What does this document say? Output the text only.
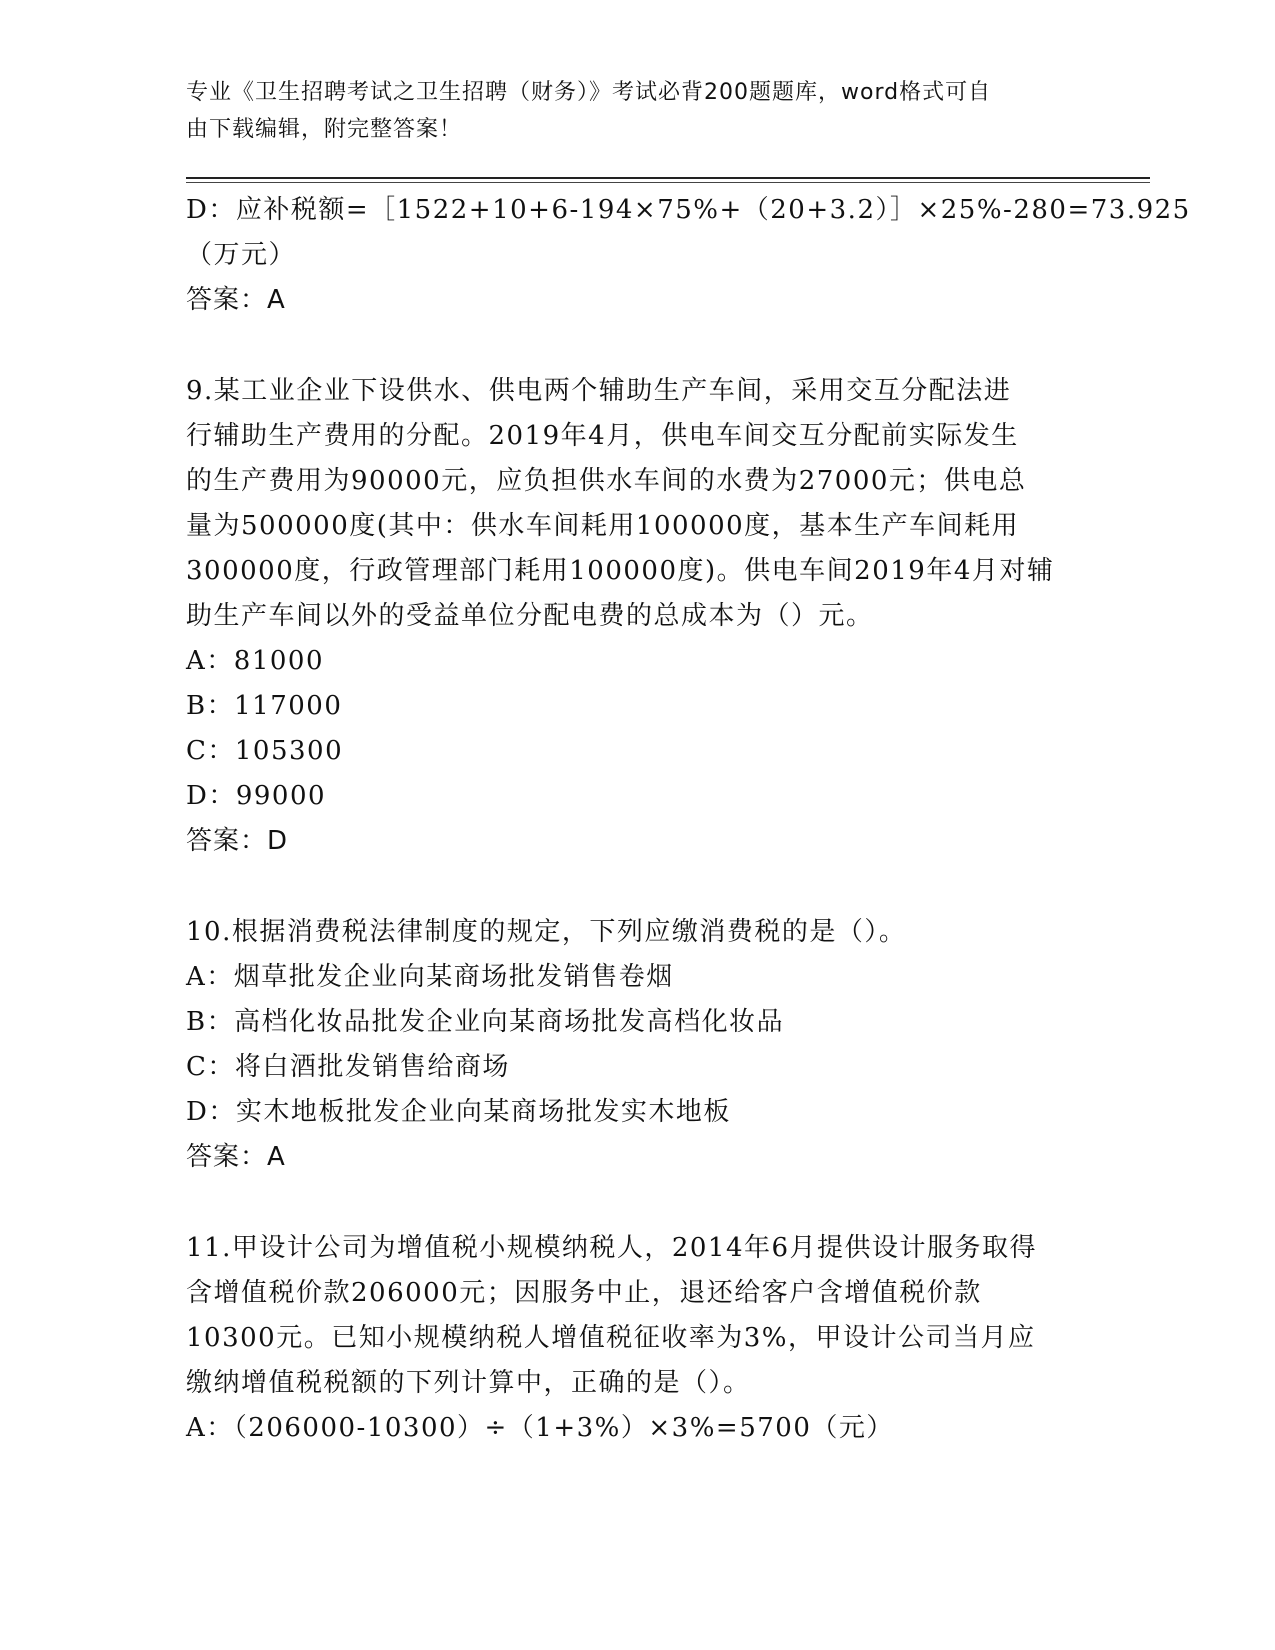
专业《卫生招聘考试之卫生招聘（财务）》考试必背200题题库，word格式可自
由下载编辑，附完整答案！
D：应补税额=［1522+10+6-194×75%+（20+3.2）］×25%-280=73.925
（万元）
答案：A
9.某工业企业下设供水、供电两个辅助生产车间，采用交互分配法进
行辅助生产费用的分配。2019年4月，供电车间交互分配前实际发生
的生产费用为90000元，应负担供水车间的水费为27000元；供电总
量为500000度(其中：供水车间耗用100000度，基本生产车间耗用
300000度，行政管理部门耗用100000度)。供电车间2019年4月对辅
助生产车间以外的受益单位分配电费的总成本为（）元。
A：81000
B：117000
C：105300
D：99000
答案：D
10.根据消费税法律制度的规定，下列应缴消费税的是（）。
A：烟草批发企业向某商场批发销售卷烟
B：高档化妆品批发企业向某商场批发高档化妆品
C：将白酒批发销售给商场
D：实木地板批发企业向某商场批发实木地板
答案：A
11.甲设计公司为增值税小规模纳税人，2014年6月提供设计服务取得
含增值税价款206000元；因服务中止，退还给客户含增值税价款
10300元。已知小规模纳税人增值税征收率为3%，甲设计公司当月应
缴纳增值税税额的下列计算中，正确的是（）。
A：（206000-10300）÷（1+3%）×3%=5700（元）
